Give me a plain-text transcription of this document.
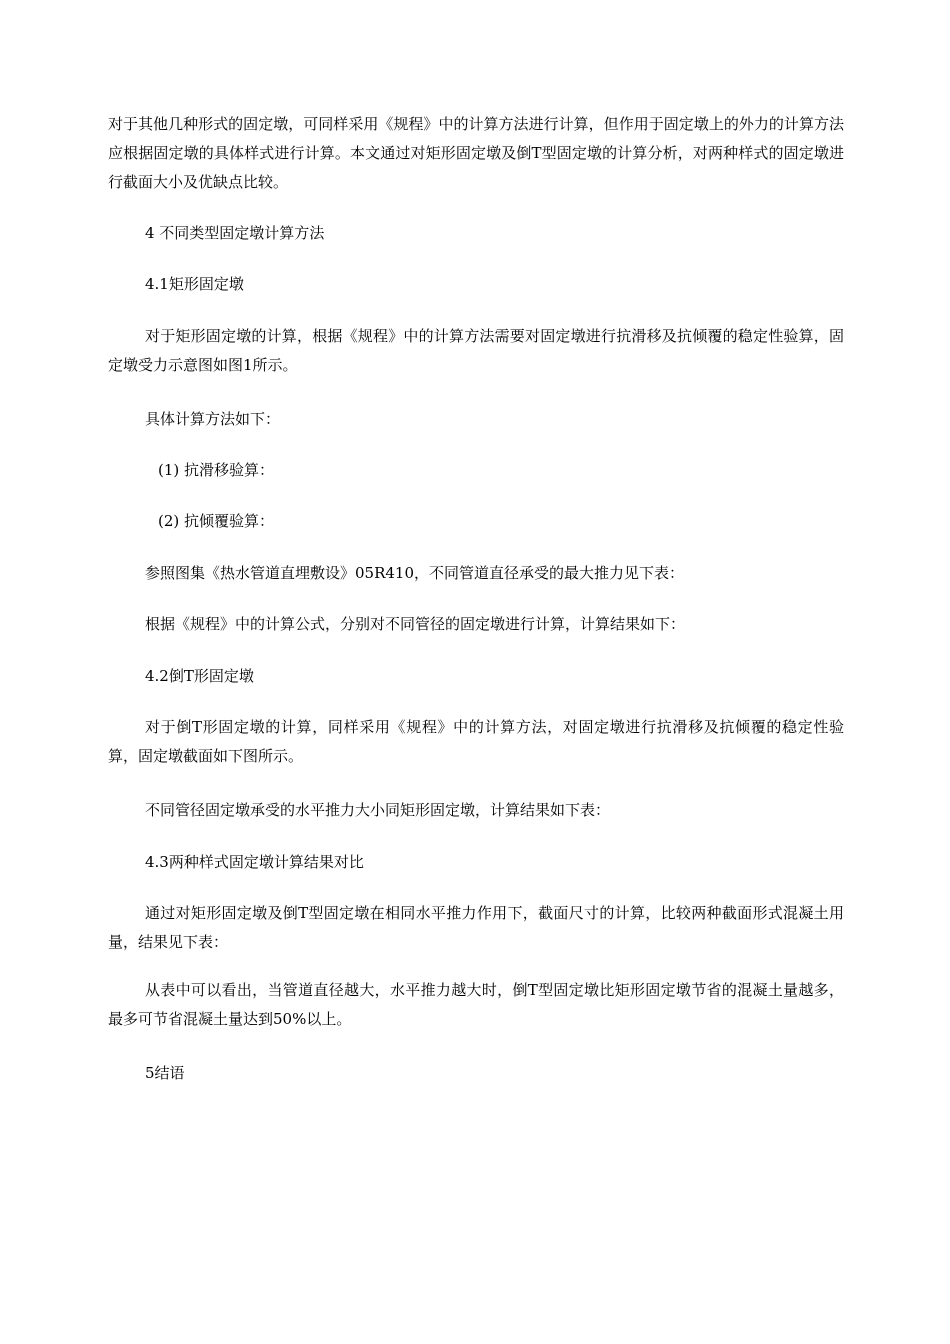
对于其他几种形式的固定墩，可同样采用《规程》中的计算方法进行计算，但作用于固定墩上的外力的计算方法应根据固定墩的具体样式进行计算。本文通过对矩形固定墩及倒T型固定墩的计算分析，对两种样式的固定墩进行截面大小及优缺点比较。

4 不同类型固定墩计算方法

4.1矩形固定墩

对于矩形固定墩的计算，根据《规程》中的计算方法需要对固定墩进行抗滑移及抗倾覆的稳定性验算，固定墩受力示意图如图1所示。

具体计算方法如下：

(1) 抗滑移验算：

(2) 抗倾覆验算：

参照图集《热水管道直埋敷设》05R410，不同管道直径承受的最大推力见下表：

根据《规程》中的计算公式，分别对不同管径的固定墩进行计算，计算结果如下：

4.2倒T形固定墩

对于倒T形固定墩的计算，同样采用《规程》中的计算方法，对固定墩进行抗滑移及抗倾覆的稳定性验算，固定墩截面如下图所示。

不同管径固定墩承受的水平推力大小同矩形固定墩，计算结果如下表：

4.3两种样式固定墩计算结果对比

通过对矩形固定墩及倒T型固定墩在相同水平推力作用下，截面尺寸的计算，比较两种截面形式混凝土用量，结果见下表：

从表中可以看出，当管道直径越大，水平推力越大时，倒T型固定墩比矩形固定墩节省的混凝土量越多，最多可节省混凝土量达到50%以上。

5结语
